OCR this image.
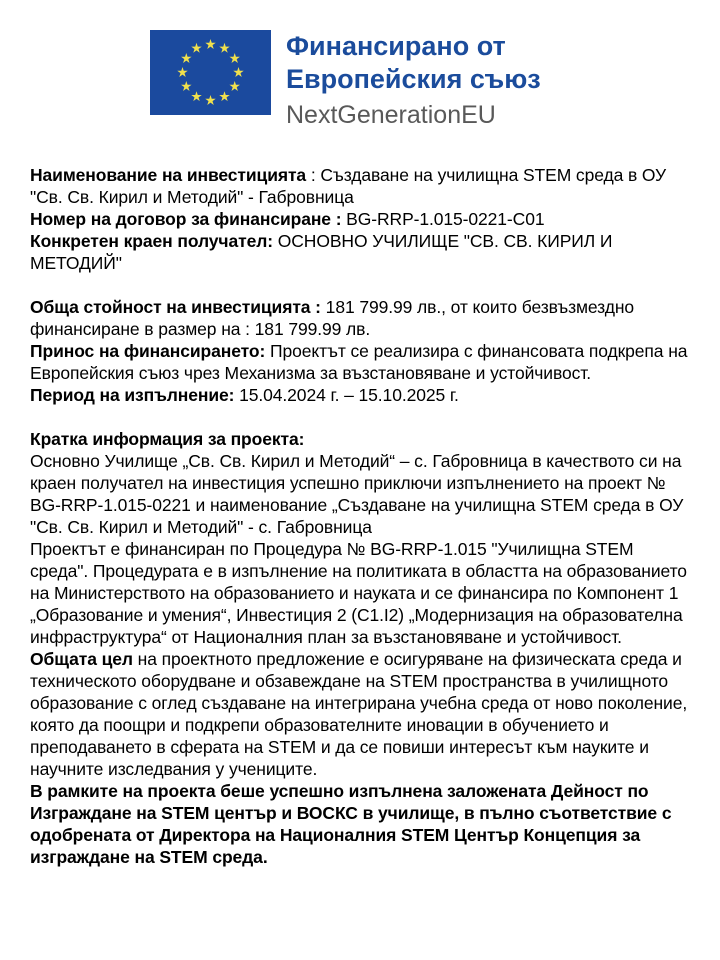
Финансирано от
Европейския съюз
NextGenerationEU

Наименование на инвестицията : Създаване на училищна STEM среда в ОУ "Св. Св. Кирил и Методий" - Габровница

Номер на договор за финансиране : BG-RRP-1.015-0221-C01

Конкретен краен получател: ОСНОВНО УЧИЛИЩЕ "СВ. СВ. КИРИЛ И МЕТОДИЙ"

Обща стойност на инвестицията : 181 799.99 лв., от които безвъзмездно финансиране в размер на : 181 799.99 лв.

Принос на финансирането: Проектът се реализира с финансовата подкрепа на Европейския съюз чрез Механизма за възстановяване и устойчивост.

Период на изпълнение: 15.04.2024 г. – 15.10.2025 г.

Кратка информация за проекта:

Основно Училище „Св. Св. Кирил и Методий“ – с. Габровница в качеството си на краен получател на инвестиция успешно приключи изпълнението на проект № BG-RRP-1.015-0221 и наименование „Създаване на училищна STEM среда в ОУ "Св. Св. Кирил и Методий" - с. Габровница

Проектът е финансиран по Процедура № BG-RRP-1.015 "Училищна STEM среда". Процедурата е в изпълнение на политиката в областта на образованието на Министерството на образованието и науката и се финансира по Компонент 1 „Образование и умения“, Инвестиция 2 (C1.I2) „Модернизация на образователна инфраструктура“ от Националния план за възстановяване и устойчивост.

Общата цел на проектното предложение е осигуряване на физическата среда и техническото оборудване и обзавеждане на STEM пространства в училищното образование с оглед създаване на интегрирана учебна среда от ново поколение, която да поощри и подкрепи образователните иновации в обучението и преподаването в сферата на STEM и да се повиши интересът към науките и научните изследвания у учениците.

В рамките на проекта беше успешно изпълнена заложената Дейност по Изграждане на STEM център и ВОСКС в училище, в пълно съответствие с одобрената от Директора на Националния STEM Център Концепция за изграждане на STEM среда.
